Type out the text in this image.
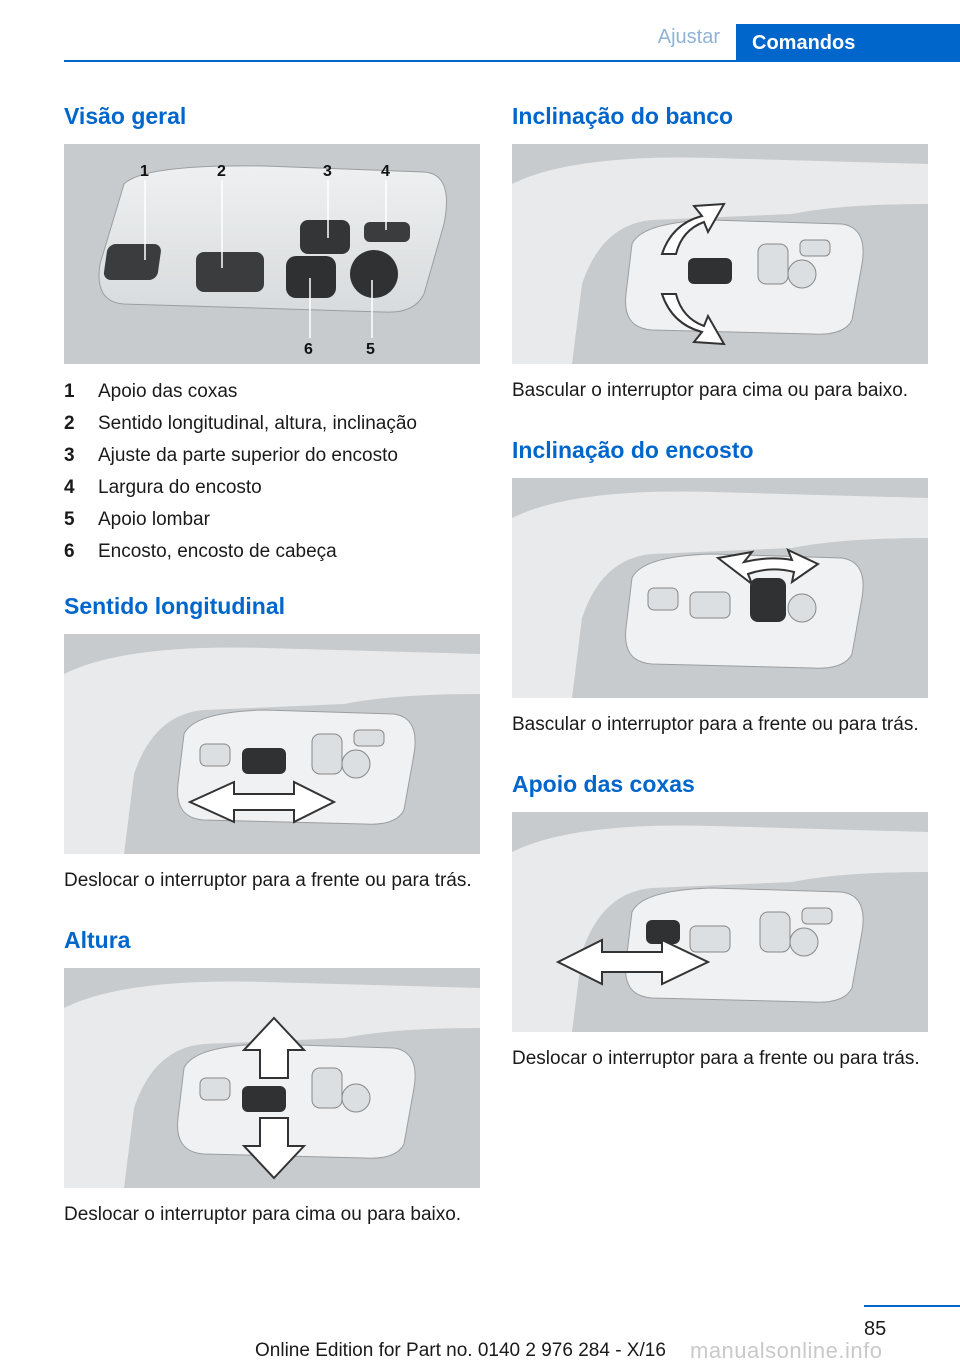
Ajustar	Comandos
Visão geral
1	2	3	4
5
6
1	Apoio das coxas
2	Sentido longitudinal, altura, inclinação
3	Ajuste da parte superior do encosto
4	Largura do encosto
5	Apoio lombar
6	Encosto, encosto de cabeça
Sentido longitudinal

Deslocar o interruptor para a frente ou para trás.

Altura

Deslocar o interruptor para cima ou para baixo.

Inclinação do banco

Bascular o interruptor para cima ou para baixo.

Inclinação do encosto

Bascular o interruptor para a frente ou para trás.

Apoio das coxas

Deslocar o interruptor para a frente ou para trás.

85
Online Edition for Part no. 0140 2 976 284 - X/16 manualsonline.info
